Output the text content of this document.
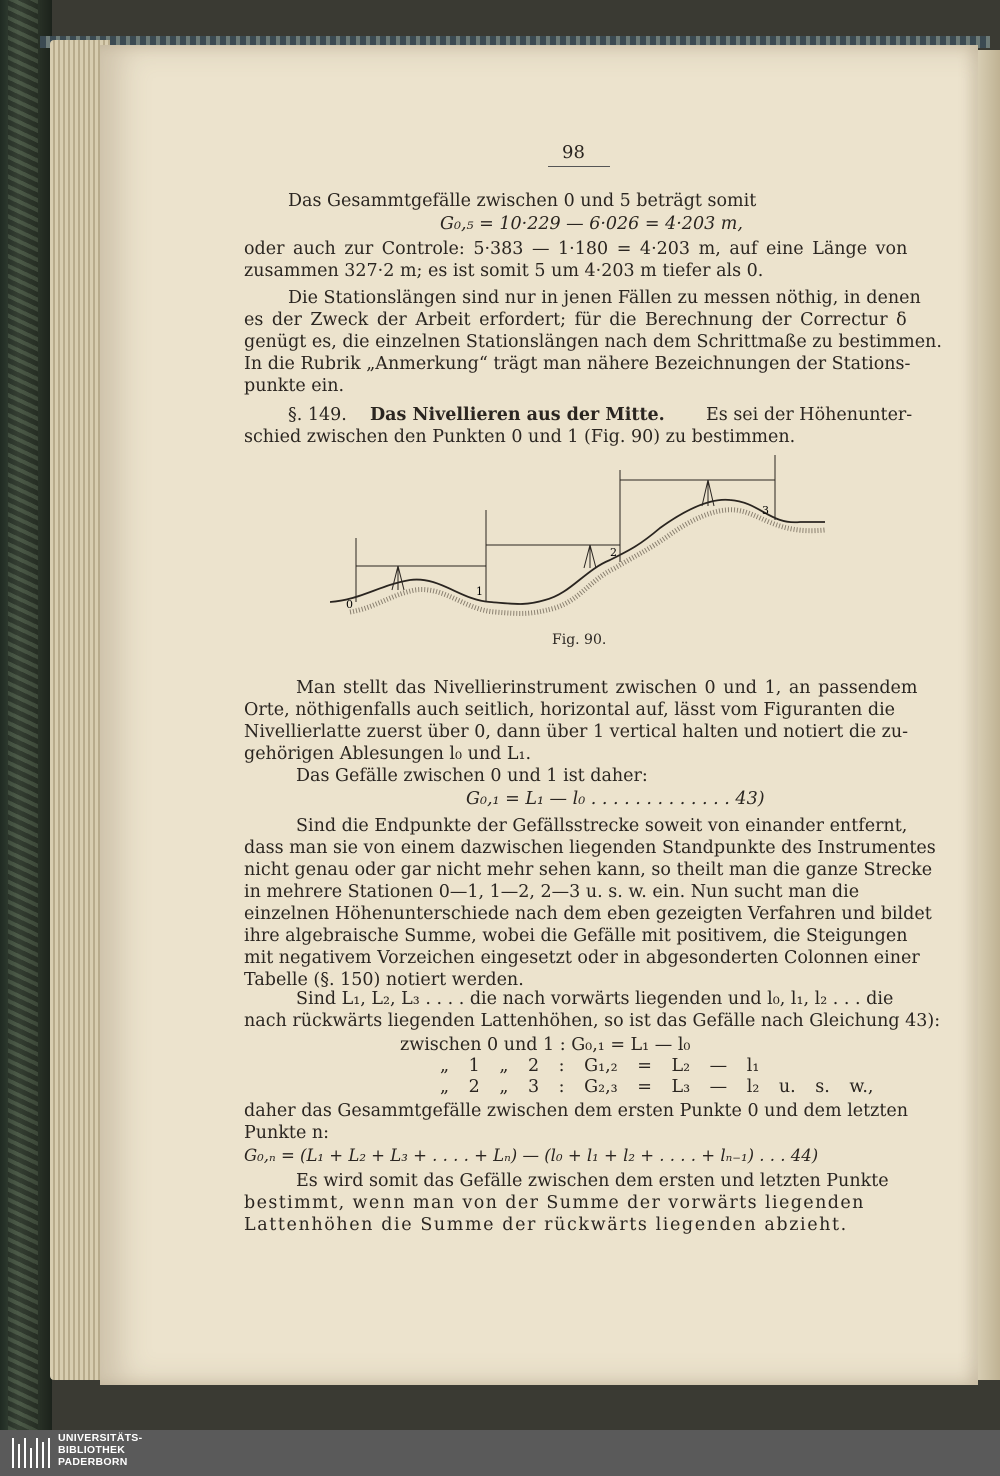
98
Das Gesammtgefälle zwischen 0 und 5 beträgt somit
G₀,₅ = 10·229 — 6·026 = 4·203 m,
oder auch zur Controle: 5·383 — 1·180 = 4·203 m, auf eine Länge von
zusammen 327·2 m; es ist somit 5 um 4·203 m tiefer als 0.
Die Stationslängen sind nur in jenen Fällen zu messen nöthig, in denen
es der Zweck der Arbeit erfordert; für die Berechnung der Correctur δ
genügt es, die einzelnen Stationslängen nach dem Schrittmaße zu bestimmen.
In die Rubrik „Anmerkung“ trägt man nähere Bezeichnungen der Stations-
punkte ein.
§. 149. Das Nivellieren aus der Mitte. Es sei der Höhenunter-
schied zwischen den Punkten 0 und 1 (Fig. 90) zu bestimmen.
0
1
2
3
Fig. 90.
Man stellt das Nivellierinstrument zwischen 0 und 1, an passendem
Orte, nöthigenfalls auch seitlich, horizontal auf, lässt vom Figuranten die
Nivellierlatte zuerst über 0, dann über 1 vertical halten und notiert die zu-
gehörigen Ablesungen l₀ und L₁.
Das Gefälle zwischen 0 und 1 ist daher:
G₀,₁ = L₁ — l₀ . . . . . . . . . . . . . 43)
Sind die Endpunkte der Gefällsstrecke soweit von einander entfernt,
dass man sie von einem dazwischen liegenden Standpunkte des Instrumentes
nicht genau oder gar nicht mehr sehen kann, so theilt man die ganze Strecke
in mehrere Stationen 0—1, 1—2, 2—3 u. s. w. ein. Nun sucht man die
einzelnen Höhenunterschiede nach dem eben gezeigten Verfahren und bildet
ihre algebraische Summe, wobei die Gefälle mit positivem, die Steigungen
mit negativem Vorzeichen eingesetzt oder in abgesonderten Colonnen einer
Tabelle (§. 150) notiert werden.
Sind L₁, L₂, L₃ . . . . die nach vorwärts liegenden und l₀, l₁, l₂ . . . die
nach rückwärts liegenden Lattenhöhen, so ist das Gefälle nach Gleichung 43):
zwischen 0 und 1 : G₀,₁ = L₁ — l₀
„ 1 „ 2 : G₁,₂ = L₂ — l₁
„ 2 „ 3 : G₂,₃ = L₃ — l₂ u. s. w.,
daher das Gesammtgefälle zwischen dem ersten Punkte 0 und dem letzten
Punkte n:
G₀,ₙ = (L₁ + L₂ + L₃ + . . . . + Lₙ) — (l₀ + l₁ + l₂ + . . . . + lₙ₋₁) . . . 44)
Es wird somit das Gefälle zwischen dem ersten und letzten Punkte
bestimmt, wenn man von der Summe der vorwärts liegenden
Lattenhöhen die Summe der rückwärts liegenden abzieht.
UNIVERSITÄTS-
BIBLIOTHEK
PADERBORN
